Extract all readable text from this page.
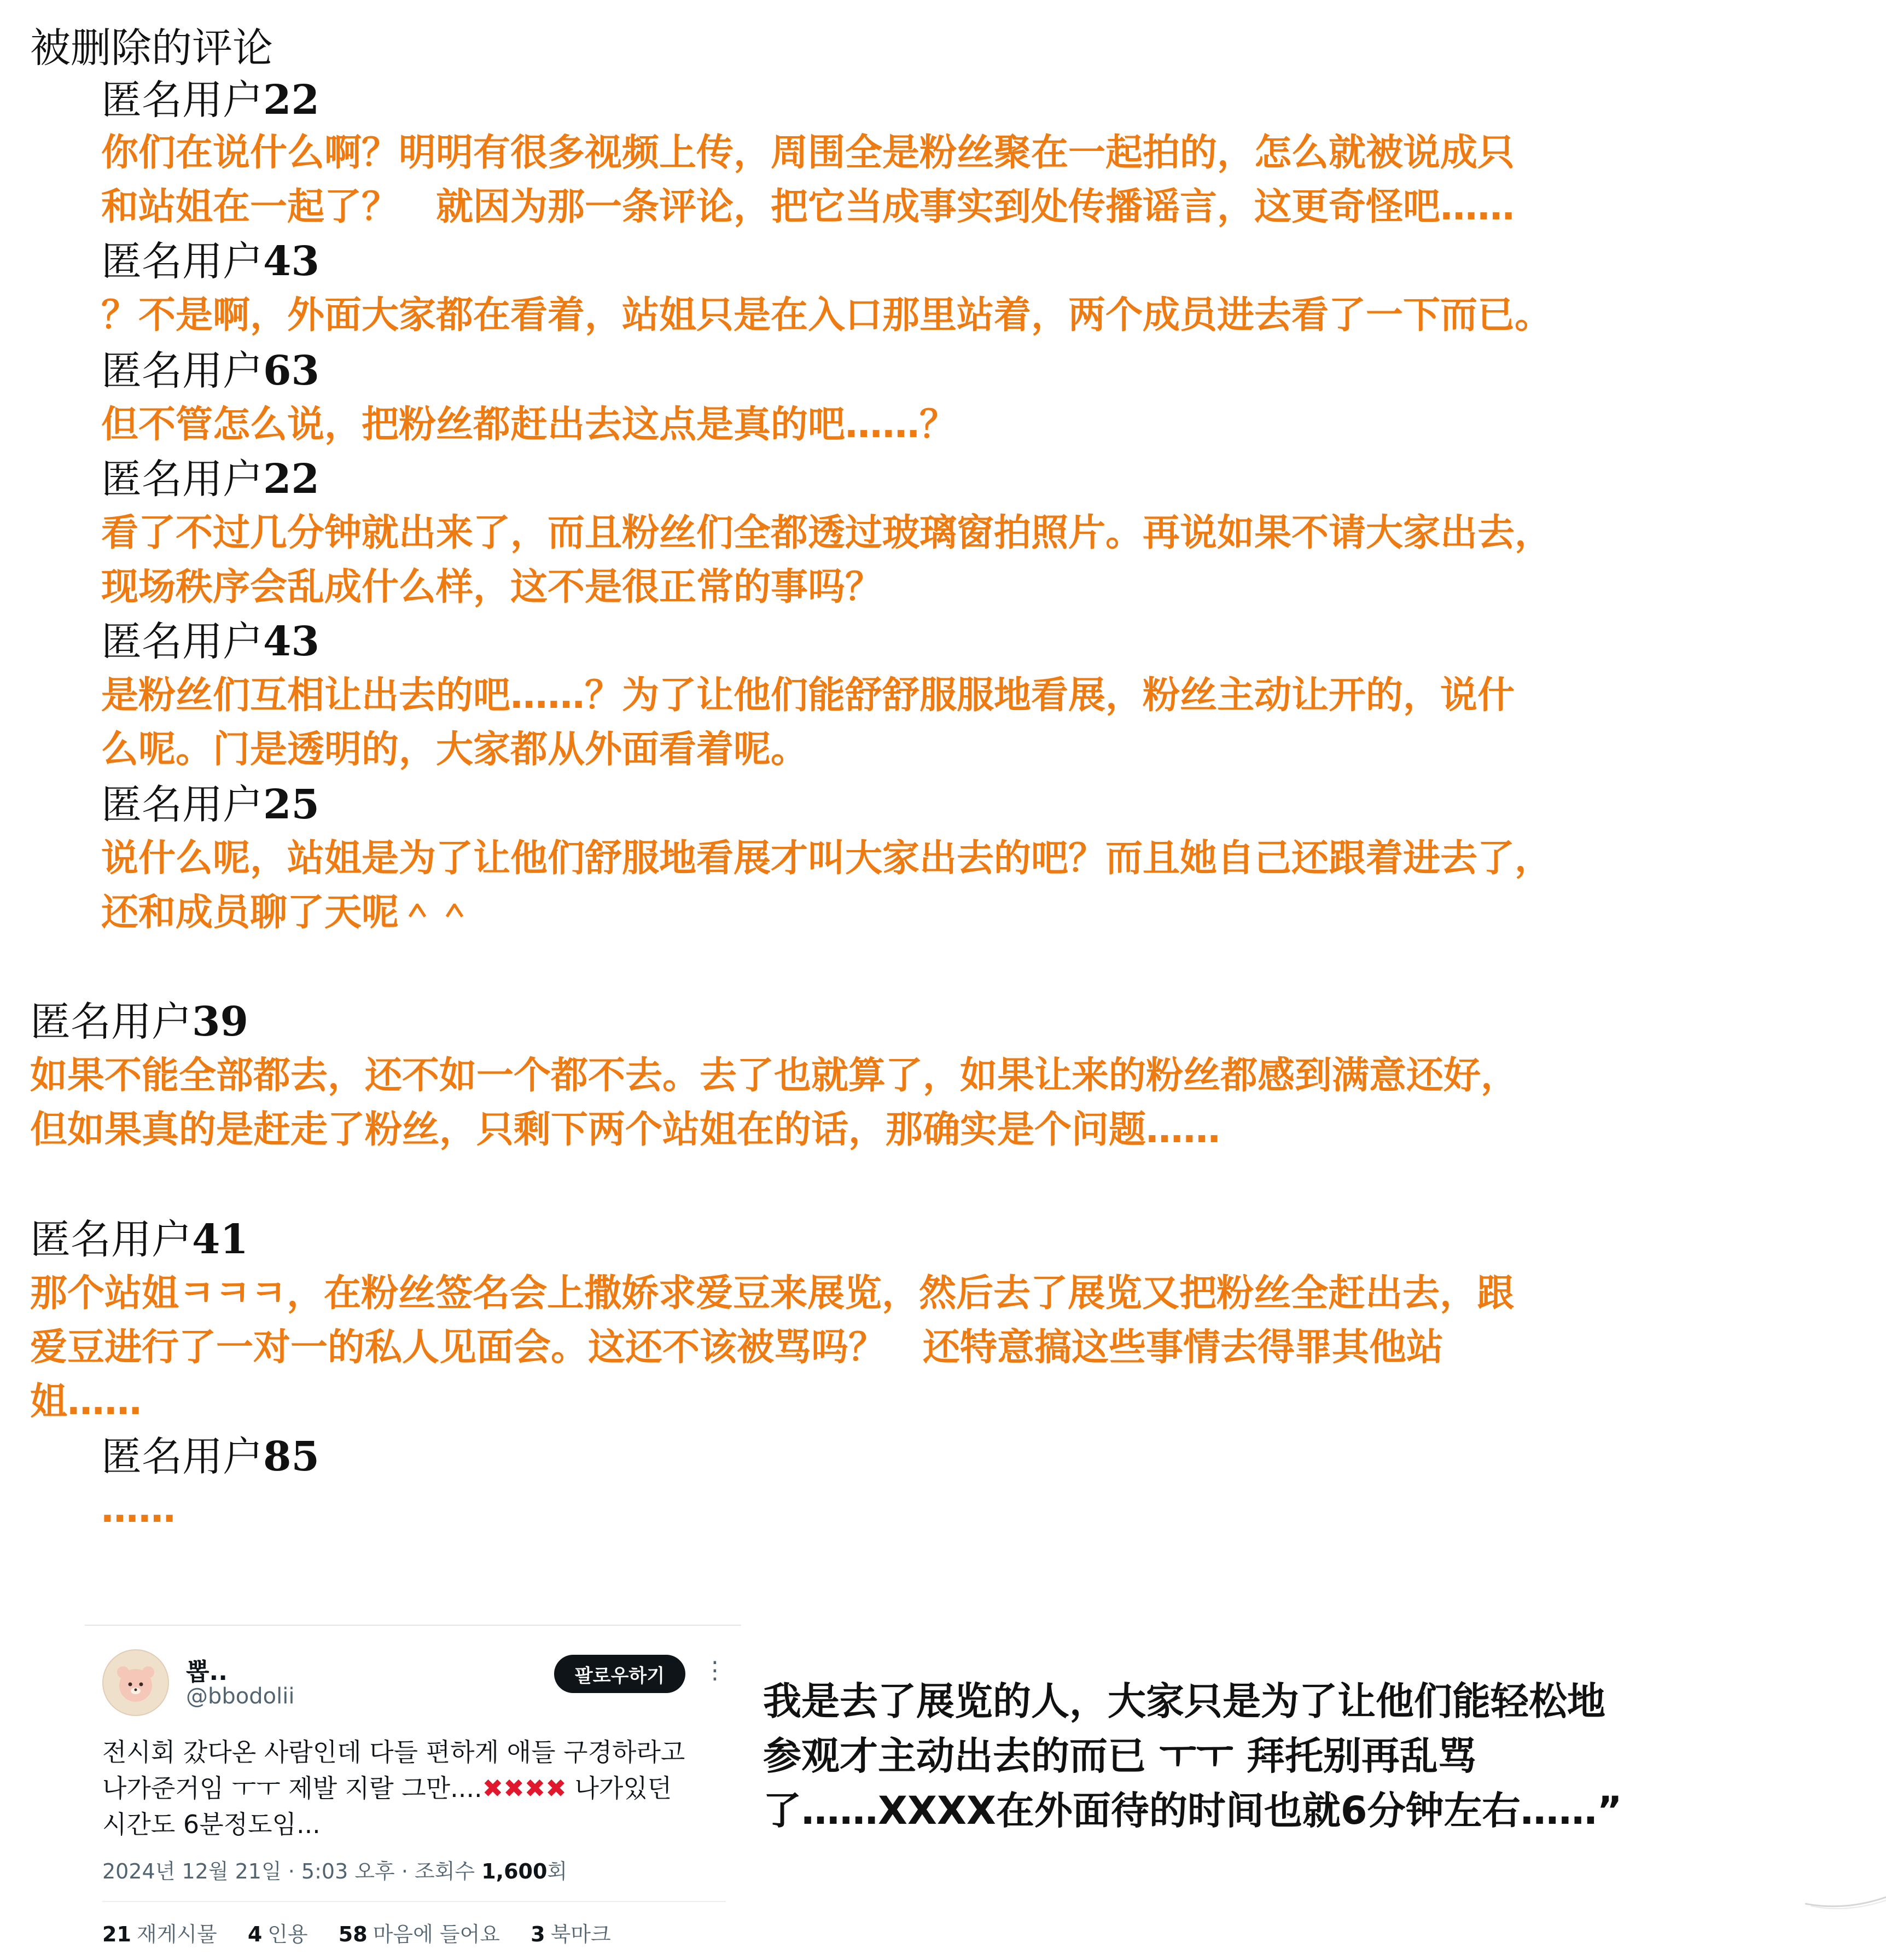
被删除的评论
匿名用户22
你们在说什么啊？明明有很多视频上传，周围全是粉丝聚在一起拍的，怎么就被说成只
和站姐在一起了？　就因为那一条评论，把它当成事实到处传播谣言，这更奇怪吧……
匿名用户43
？不是啊，外面大家都在看着，站姐只是在入口那里站着，两个成员进去看了一下而已。
匿名用户63
但不管怎么说，把粉丝都赶出去这点是真的吧……？
匿名用户22
看了不过几分钟就出来了，而且粉丝们全都透过玻璃窗拍照片。再说如果不请大家出去，
现场秩序会乱成什么样，这不是很正常的事吗？
匿名用户43
是粉丝们互相让出去的吧……？为了让他们能舒舒服服地看展，粉丝主动让开的，说什
么呢。门是透明的，大家都从外面看着呢。
匿名用户25
说什么呢，站姐是为了让他们舒服地看展才叫大家出去的吧？而且她自己还跟着进去了，
还和成员聊了天呢＾＾
匿名用户39
如果不能全部都去，还不如一个都不去。去了也就算了，如果让来的粉丝都感到满意还好，
但如果真的是赶走了粉丝，只剩下两个站姐在的话，那确实是个问题……
匿名用户41
那个站姐ㅋㅋㅋ，在粉丝签名会上撒娇求爱豆来展览，然后去了展览又把粉丝全赶出去，跟
爱豆进行了一对一的私人见面会。这还不该被骂吗？　还特意搞这些事情去得罪其他站
姐……
匿名用户85
……
뽑..
@bbodolii
팔로우하기	⋮
전시회 갔다온 사람인데 다들 편하게 애들 구경하라고
나가준거임 ㅜㅜ 제발 지랄 그만....✖✖✖✖ 나가있던
시간도 6분정도임...
2024년 12월 21일 · 5:03 오후 · 조회수 1,600회
21 재게시물 4 인용 58 마음에 들어요 3 북마크
我是去了展览的人，大家只是为了让他们能轻松地
参观才主动出去的而已 ㅜㅜ 拜托别再乱骂
了……XXXX在外面待的时间也就6分钟左右……”
